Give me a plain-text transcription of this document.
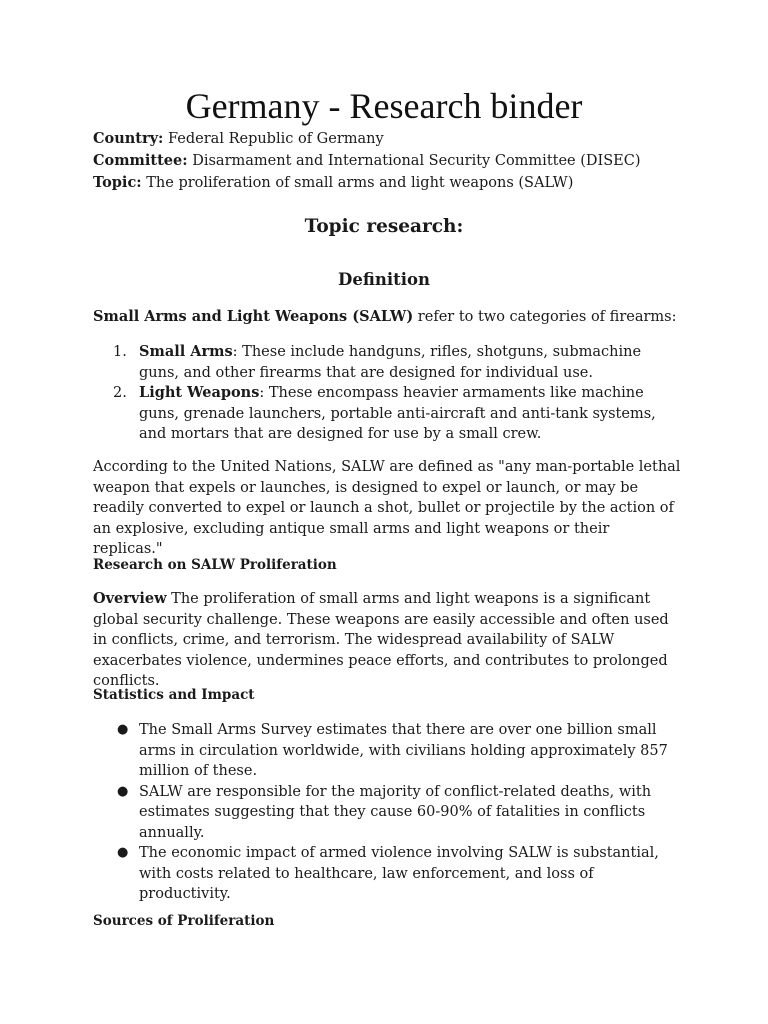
Germany - Research binder
Country: Federal Republic of Germany
Committee: Disarmament and International Security Committee (DISEC)
Topic: The proliferation of small arms and light weapons (SALW)
Topic research:
Definition
Small Arms and Light Weapons (SALW) refer to two categories of firearms:
1. Small Arms: These include handguns, rifles, shotguns, submachine guns, and other firearms that are designed for individual use.
2. Light Weapons: These encompass heavier armaments like machine guns, grenade launchers, portable anti-aircraft and anti-tank systems, and mortars that are designed for use by a small crew.
According to the United Nations, SALW are defined as "any man-portable lethal weapon that expels or launches, is designed to expel or launch, or may be readily converted to expel or launch a shot, bullet or projectile by the action of an explosive, excluding antique small arms and light weapons or their replicas."
Research on SALW Proliferation
Overview The proliferation of small arms and light weapons is a significant global security challenge. These weapons are easily accessible and often used in conflicts, crime, and terrorism. The widespread availability of SALW exacerbates violence, undermines peace efforts, and contributes to prolonged conflicts.
Statistics and Impact
● The Small Arms Survey estimates that there are over one billion small arms in circulation worldwide, with civilians holding approximately 857 million of these.
● SALW are responsible for the majority of conflict-related deaths, with estimates suggesting that they cause 60-90% of fatalities in conflicts annually.
● The economic impact of armed violence involving SALW is substantial, with costs related to healthcare, law enforcement, and loss of productivity.
Sources of Proliferation
